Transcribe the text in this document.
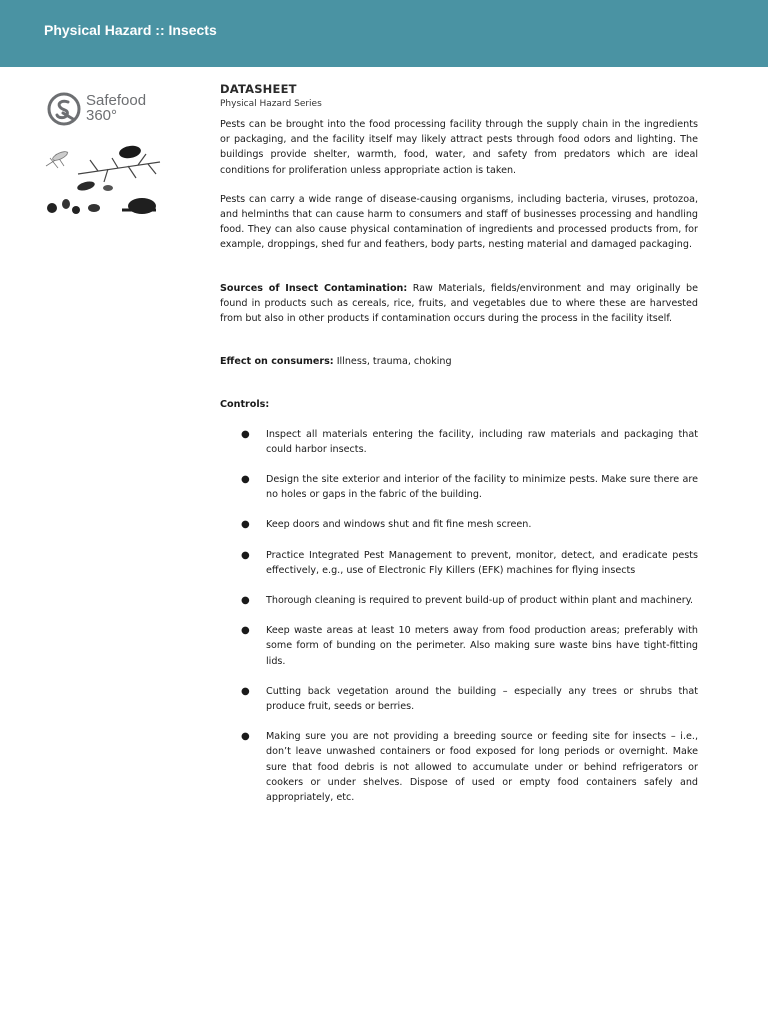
Physical Hazard :: Insects
Safefood
360°
DATASHEET
Physical Hazard Series

Pests can be brought into the food processing facility through the supply chain in the ingredients or packaging, and the facility itself may likely attract pests through food odors and lighting. The buildings provide shelter, warmth, food, water, and safety from predators which are ideal conditions for proliferation unless appropriate action is taken.

Pests can carry a wide range of disease-causing organisms, including bacteria, viruses, protozoa, and helminths that can cause harm to consumers and staff of businesses processing and handling food. They can also cause physical contamination of ingredients and processed products from, for example, droppings, shed fur and feathers, body parts, nesting material and damaged packaging.

Sources of Insect Contamination: Raw Materials, fields/environment and may originally be found in products such as cereals, rice, fruits, and vegetables due to where these are harvested from but also in other products if contamination occurs during the process in the facility itself.

Effect on consumers: Illness, trauma, choking

Controls:

● Inspect all materials entering the facility, including raw materials and packaging that could harbor insects.
● Design the site exterior and interior of the facility to minimize pests. Make sure there are no holes or gaps in the fabric of the building.
● Keep doors and windows shut and fit fine mesh screen.
● Practice Integrated Pest Management to prevent, monitor, detect, and eradicate pests effectively, e.g., use of Electronic Fly Killers (EFK) machines for flying insects
● Thorough cleaning is required to prevent build-up of product within plant and machinery.
● Keep waste areas at least 10 meters away from food production areas; preferably with some form of bunding on the perimeter. Also making sure waste bins have tight-fitting lids.
● Cutting back vegetation around the building – especially any trees or shrubs that produce fruit, seeds or berries.
● Making sure you are not providing a breeding source or feeding site for insects – i.e., don’t leave unwashed containers or food exposed for long periods or overnight. Make sure that food debris is not allowed to accumulate under or behind refrigerators or cookers or under shelves. Dispose of used or empty food containers safely and appropriately, etc.
